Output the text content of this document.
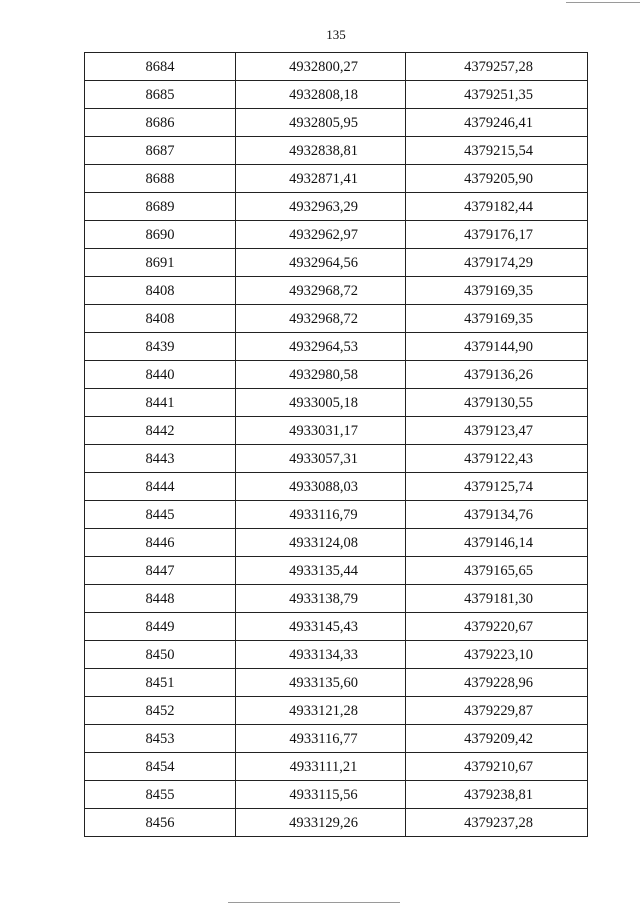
135
8684	4932800,27	4379257,28
8685	4932808,18	4379251,35
8686	4932805,95	4379246,41
8687	4932838,81	4379215,54
8688	4932871,41	4379205,90
8689	4932963,29	4379182,44
8690	4932962,97	4379176,17
8691	4932964,56	4379174,29
8408	4932968,72	4379169,35
8408	4932968,72	4379169,35
8439	4932964,53	4379144,90
8440	4932980,58	4379136,26
8441	4933005,18	4379130,55
8442	4933031,17	4379123,47
8443	4933057,31	4379122,43
8444	4933088,03	4379125,74
8445	4933116,79	4379134,76
8446	4933124,08	4379146,14
8447	4933135,44	4379165,65
8448	4933138,79	4379181,30
8449	4933145,43	4379220,67
8450	4933134,33	4379223,10
8451	4933135,60	4379228,96
8452	4933121,28	4379229,87
8453	4933116,77	4379209,42
8454	4933111,21	4379210,67
8455	4933115,56	4379238,81
8456	4933129,26	4379237,28
